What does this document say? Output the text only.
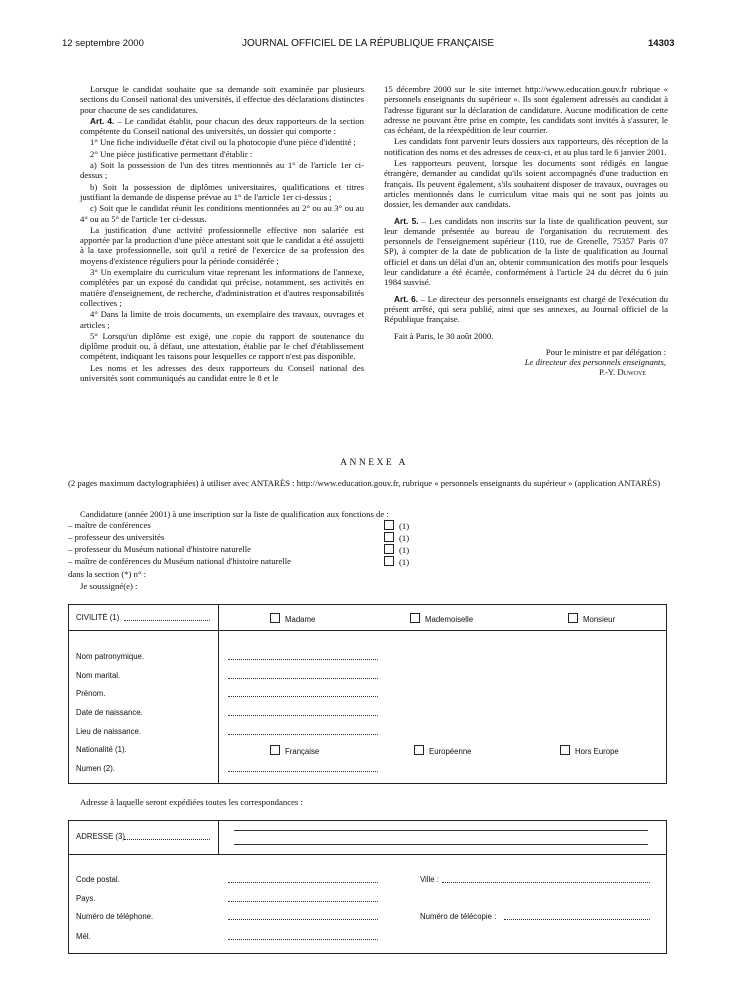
12 septembre 2000	JOURNAL OFFICIEL DE LA RÉPUBLIQUE FRANÇAISE	14303

Lorsque le candidat souhaite que sa demande soit examinée par plusieurs sections du Conseil national des universités, il effectue des déclarations distinctes pour chacune de ses candidatures.

Art. 4. – Le candidat établit, pour chacun des deux rapporteurs de la section compétente du Conseil national des universités, un dossier qui comporte :

1° Une fiche individuelle d'état civil ou la photocopie d'une pièce d'identité ;

2° Une pièce justificative permettant d'établir :

a) Soit la possession de l'un des titres mentionnés au 1° de l'article 1er ci-dessus ;

b) Soit la possession de diplômes universitaires, qualifications et titres justifiant la demande de dispense prévue au 1° de l'article 1er ci-dessus ;

c) Soit que le candidat réunit les conditions mentionnées au 2° ou au 3° ou au 4° ou au 5° de l'article 1er ci-dessus.

La justification d'une activité professionnelle effective non salariée est apportée par la production d'une pièce attestant soit que le candidat a été assujetti à la taxe professionnelle, soit qu'il a retiré de l'exercice de sa profession des moyens d'existence réguliers pour la période considérée ;

3° Un exemplaire du curriculum vitae reprenant les informations de l'annexe, complétées par un exposé du candidat qui précise, notamment, ses activités en matière d'enseignement, de recherche, d'administration et d'autres responsabilités collectives ;

4° Dans la limite de trois documents, un exemplaire des travaux, ouvrages et articles ;

5° Lorsqu'un diplôme est exigé, une copie du rapport de soutenance du diplôme produit ou, à défaut, une attestation, établie par le chef d'établissement compétent, indiquant les raisons pour lesquelles ce rapport n'est pas disponible.

Les noms et les adresses des deux rapporteurs du Conseil national des universités sont communiqués au candidat entre le 8 et le

15 décembre 2000 sur le site internet http://www.education.gouv.fr rubrique « personnels enseignants du supérieur ». Ils sont également adressés au candidat à l'adresse figurant sur la déclaration de candidature. Aucune modification de cette adresse ne pouvant être prise en compte, les candidats sont invités à s'assurer, le cas échéant, de la réexpédition de leur courrier.

Les candidats font parvenir leurs dossiers aux rapporteurs, dès réception de la notification des noms et des adresses de ceux-ci, et au plus tard le 6 janvier 2001.

Les rapporteurs peuvent, lorsque les documents sont rédigés en langue étrangère, demander au candidat qu'ils soient accompagnés d'une traduction en français. Ils peuvent également, s'ils souhaitent disposer de travaux, ouvrages ou articles mentionnés dans le curriculum vitae mais qui ne sont pas joints au dossier, les demander aux candidats.

Art. 5. – Les candidats non inscrits sur la liste de qualification peuvent, sur leur demande présentée au bureau de l'organisation du recrutement des personnels de l'enseignement supérieur (110, rue de Grenelle, 75357 Paris 07 SP), à compter de la date de publication de la liste de qualification au Journal officiel et dans un délai d'un an, obtenir communication des motifs pour lesquels leur candidature a été écartée, conformément à l'article 24 du décret du 6 juin 1984 susvisé.

Art. 6. – Le directeur des personnels enseignants est chargé de l'exécution du présent arrêté, qui sera publié, ainsi que ses annexes, au Journal officiel de la République française.

Fait à Paris, le 30 août 2000.

Pour le ministre et par délégation :
Le directeur des personnels enseignants,
P.-Y. Duwoye
ANNEXE A
(2 pages maximum dactylographiées) à utiliser avec ANTARÈS : http://www.education.gouv.fr, rubrique « personnels enseignants du supérieur » (application ANTARÈS)
Candidature (année 2001) à une inscription sur la liste de qualification aux fonctions de :
– maître de conférences	(1)
– professeur des universités	(1)
– professeur du Muséum national d'histoire naturelle	(1)
– maître de conférences du Muséum national d'histoire naturelle	(1)
dans la section (*) n° :
Je soussigné(e) :
CIVILITÉ (1)	Madame	Mademoiselle	Monsieur
Nom patronymique.
Nom marital.
Prénom.
Date de naissance.
Lieu de naissance.
Nationalité (1).	Française	Européenne	Hors Europe
Numen (2).
Adresse à laquelle seront expédiées toutes les correspondances :
ADRESSE (3)
Code postal.	Ville :
Pays.
Numéro de téléphone.	Numéro de télécopie :
Mél.
